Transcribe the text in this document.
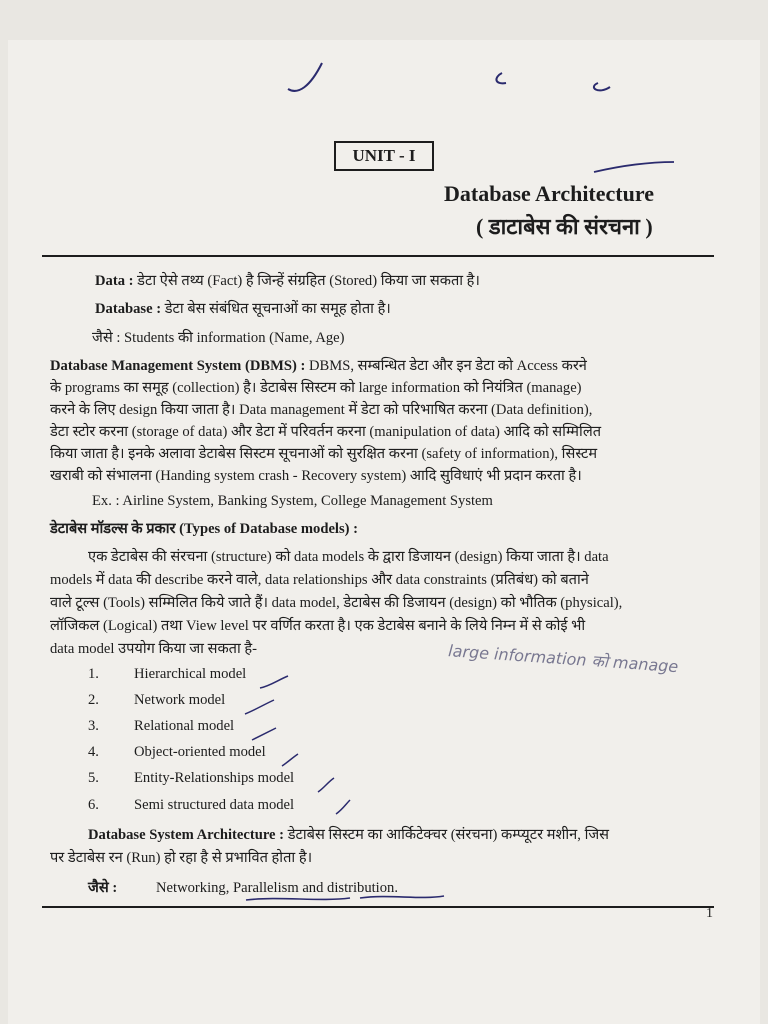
UNIT - I
Database Architecture
( डाटाबेस की संरचना )
Data : डेटा ऐसे तथ्य (Fact) है जिन्हें संग्रहित (Stored) किया जा सकता है।
Database : डेटा बेस संबंधित सूचनाओं का समूह होता है।
जैसे : Students की information (Name, Age)
Database Management System (DBMS) : DBMS, सम्बन्धित डेटा और इन डेटा को Access करने
के programs का समूह (collection) है। डेटाबेस सिस्टम को large information को नियंत्रित (manage)
करने के लिए design किया जाता है। Data management में डेटा को परिभाषित करना (Data definition),
डेटा स्टोर करना (storage of data) और डेटा में परिवर्तन करना (manipulation of data) आदि को सम्मिलित
किया जाता है। इनके अलावा डेटाबेस सिस्टम सूचनाओं को सुरक्षित करना (safety of information), सिस्टम
खराबी को संभालना (Handing system crash - Recovery system) आदि सुविधाएं भी प्रदान करता है।
Ex. : Airline System, Banking System, College Management System
डेटाबेस मॉडल्स के प्रकार (Types of Database models) :
एक डेटाबेस की संरचना (structure) को data models के द्वारा डिजायन (design) किया जाता है। data
models में data की describe करने वाले, data relationships और data constraints (प्रतिबंध) को बताने
वाले टूल्स (Tools) सम्मिलित किये जाते हैं। data model, डेटाबेस की डिजायन (design) को भौतिक (physical),
लॉजिकल (Logical) तथा View level पर वर्णित करता है। एक डेटाबेस बनाने के लिये निम्न में से कोई भी
data model उपयोग किया जा सकता है-	large information को manage
1. Hierarchical model
2. Network model
3. Relational model
4. Object-oriented model
5. Entity-Relationships model
6. Semi structured data model
Database System Architecture : डेटाबेस सिस्टम का आर्किटेक्चर (संरचना) कम्प्यूटर मशीन, जिस
पर डेटाबेस रन (Run) हो रहा है से प्रभावित होता है।
जैसे :	Networking, Parallelism and distribution.
1
